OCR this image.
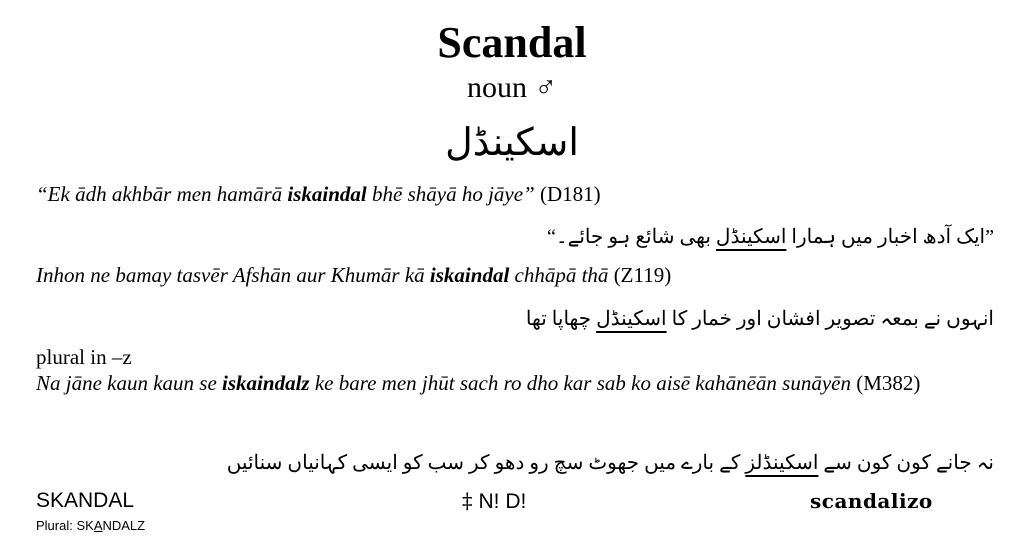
Scandal
noun ♂
اسکینڈل
“Ek ādh akhbār men hamārā iskaindal bhē shāyā ho jāye” (D181)
”ایک آدھ اخبار میں ہمارا اسکینڈل بھی شائع ہو جائے۔“
Inhon ne bamay tasvēr Afshān aur Khumār kā iskaindal chhāpā thā (Z119)
انہوں نے بمعہ تصویر افشان اور خمار کا اسکینڈل چھاپا تھا
plural in –z
Na jāne kaun kaun se iskaindalz ke bare men jhūt sach ro dho kar sab ko aisē kahānēān sunāyēn (M382)
نہ جانے کون کون سے اسکینڈلز کے بارے میں جھوٹ سچ رو دھو کر سب کو ایسی کہانیاں سنائیں
SKANDAL
Plural: SKANDALZ
‡ N! D!	scandalizo
